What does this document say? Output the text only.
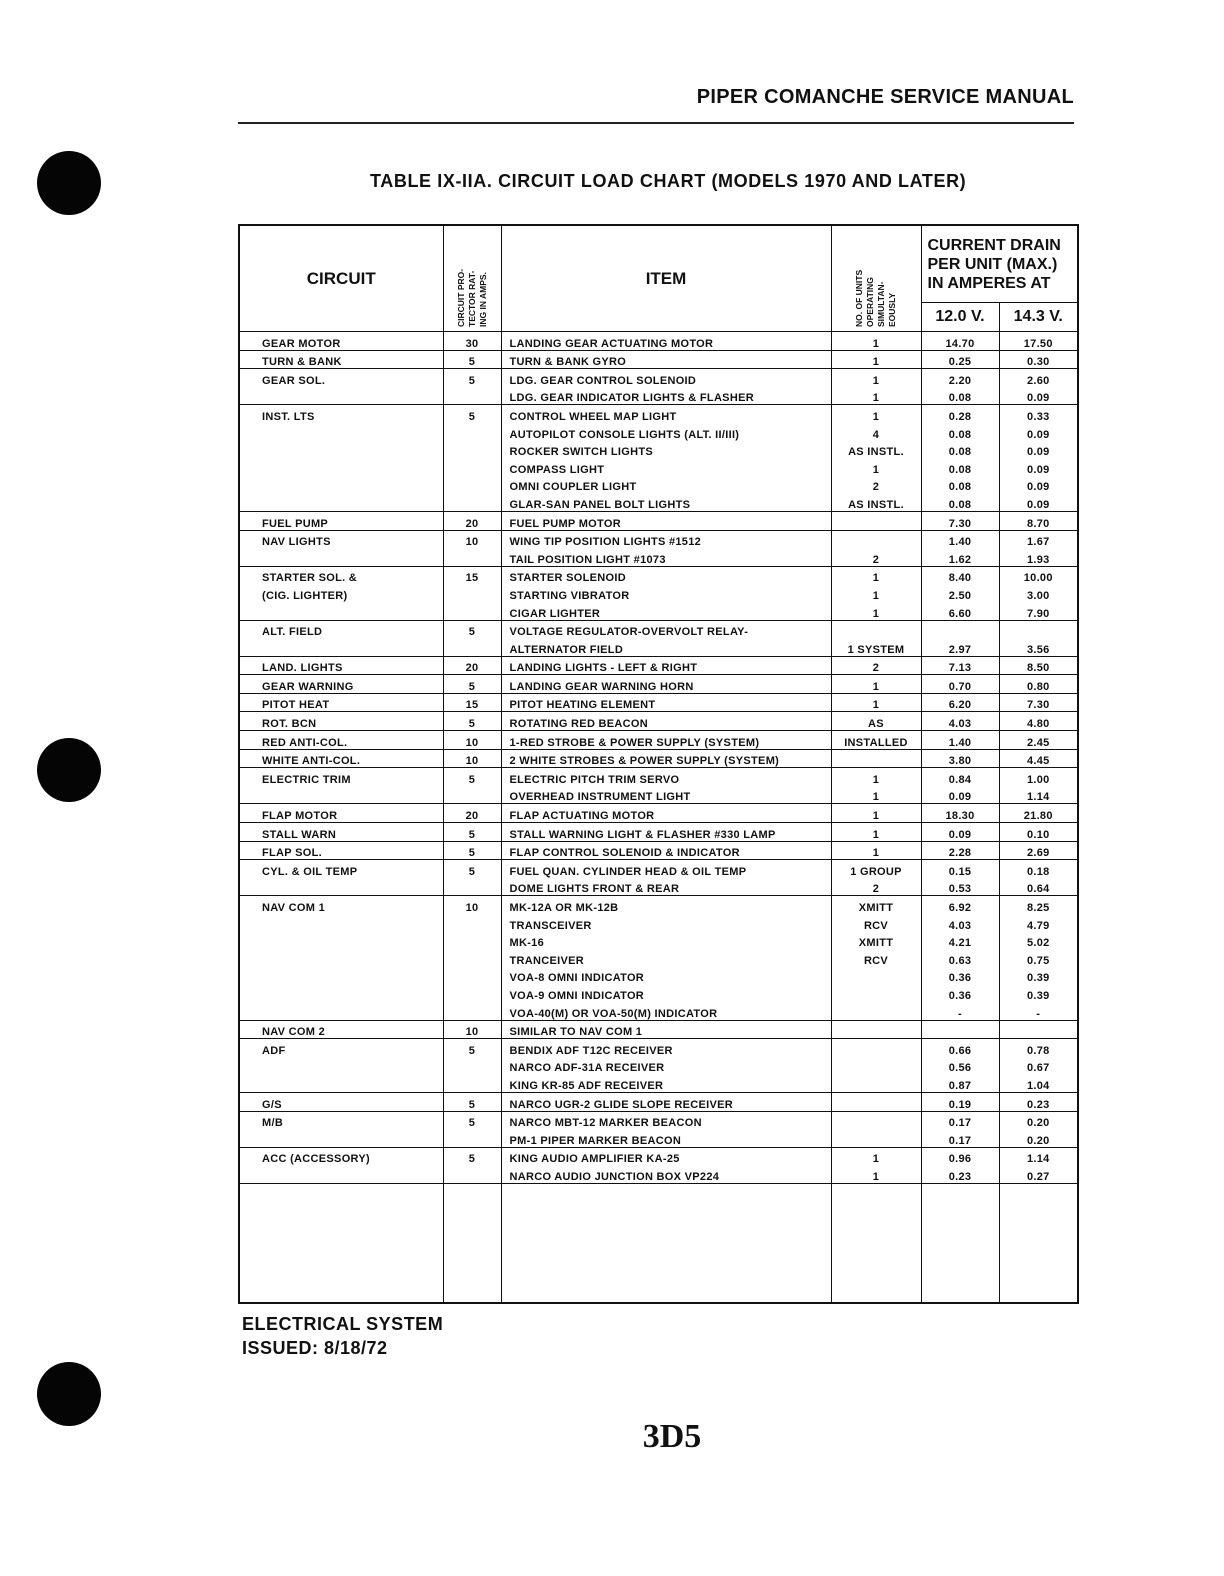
PIPER COMANCHE SERVICE MANUAL
TABLE IX-IIA. CIRCUIT LOAD CHART (MODELS 1970 AND LATER)
CIRCUIT	CIRCUIT PRO-
TECTOR RAT-
ING IN AMPS.	ITEM	NO. OF UNITS
OPERATING
SIMULTAN-
EOUSLY	CURRENT DRAIN
PER UNIT (MAX.)
IN AMPERES AT	
				12.0 V.	14.3 V.
GEAR MOTOR	30	LANDING GEAR ACTUATING MOTOR	1	14.70	17.50
TURN & BANK	5	TURN & BANK GYRO	1	0.25	0.30
GEAR SOL.	5	LDG. GEAR CONTROL SOLENOID	1	2.20	2.60
		LDG. GEAR INDICATOR LIGHTS & FLASHER	1	0.08	0.09
INST. LTS	5	CONTROL WHEEL MAP LIGHT	1	0.28	0.33
		AUTOPILOT CONSOLE LIGHTS (ALT. II/III)	4	0.08	0.09
		ROCKER SWITCH LIGHTS	AS INSTL.	0.08	0.09
		COMPASS LIGHT	1	0.08	0.09
		OMNI COUPLER LIGHT	2	0.08	0.09
		GLAR-SAN PANEL BOLT LIGHTS	AS INSTL.	0.08	0.09
FUEL PUMP	20	FUEL PUMP MOTOR		7.30	8.70
NAV LIGHTS	10	WING TIP POSITION LIGHTS #1512		1.40	1.67
		TAIL POSITION LIGHT #1073	2	1.62	1.93
STARTER SOL. &	15	STARTER SOLENOID	1	8.40	10.00
(CIG. LIGHTER)		STARTING VIBRATOR	1	2.50	3.00
		CIGAR LIGHTER	1	6.60	7.90
ALT. FIELD	5	VOLTAGE REGULATOR-OVERVOLT RELAY-			
		ALTERNATOR FIELD	1 SYSTEM	2.97	3.56
LAND. LIGHTS	20	LANDING LIGHTS - LEFT & RIGHT	2	7.13	8.50
GEAR WARNING	5	LANDING GEAR WARNING HORN	1	0.70	0.80
PITOT HEAT	15	PITOT HEATING ELEMENT	1	6.20	7.30
ROT. BCN	5	ROTATING RED BEACON	AS	4.03	4.80
RED ANTI-COL.	10	1-RED STROBE & POWER SUPPLY (SYSTEM)	INSTALLED	1.40	2.45
WHITE ANTI-COL.	10	2 WHITE STROBES & POWER SUPPLY (SYSTEM)		3.80	4.45
ELECTRIC TRIM	5	ELECTRIC PITCH TRIM SERVO	1	0.84	1.00
		OVERHEAD INSTRUMENT LIGHT	1	0.09	1.14
FLAP MOTOR	20	FLAP ACTUATING MOTOR	1	18.30	21.80
STALL WARN	5	STALL WARNING LIGHT & FLASHER #330 LAMP	1	0.09	0.10
FLAP SOL.	5	FLAP CONTROL SOLENOID & INDICATOR	1	2.28	2.69
CYL. & OIL TEMP	5	FUEL QUAN. CYLINDER HEAD & OIL TEMP	1 GROUP	0.15	0.18
		DOME LIGHTS FRONT & REAR	2	0.53	0.64
NAV COM 1	10	MK-12A OR MK-12B	XMITT	6.92	8.25
		TRANSCEIVER	RCV	4.03	4.79
		MK-16	XMITT	4.21	5.02
		TRANCEIVER	RCV	0.63	0.75
		VOA-8 OMNI INDICATOR		0.36	0.39
		VOA-9 OMNI INDICATOR		0.36	0.39
		VOA-40(M) OR VOA-50(M) INDICATOR		-	-
NAV COM 2	10	SIMILAR TO NAV COM 1			
ADF	5	BENDIX ADF T12C RECEIVER		0.66	0.78
		NARCO ADF-31A RECEIVER		0.56	0.67
		KING KR-85 ADF RECEIVER		0.87	1.04
G/S	5	NARCO UGR-2 GLIDE SLOPE RECEIVER		0.19	0.23
M/B	5	NARCO MBT-12 MARKER BEACON		0.17	0.20
		PM-1 PIPER MARKER BEACON		0.17	0.20
ACC (ACCESSORY)	5	KING AUDIO AMPLIFIER KA-25	1	0.96	1.14
		NARCO AUDIO JUNCTION BOX VP224	1	0.23	0.27

ELECTRICAL SYSTEM
ISSUED: 8/18/72
3D5
